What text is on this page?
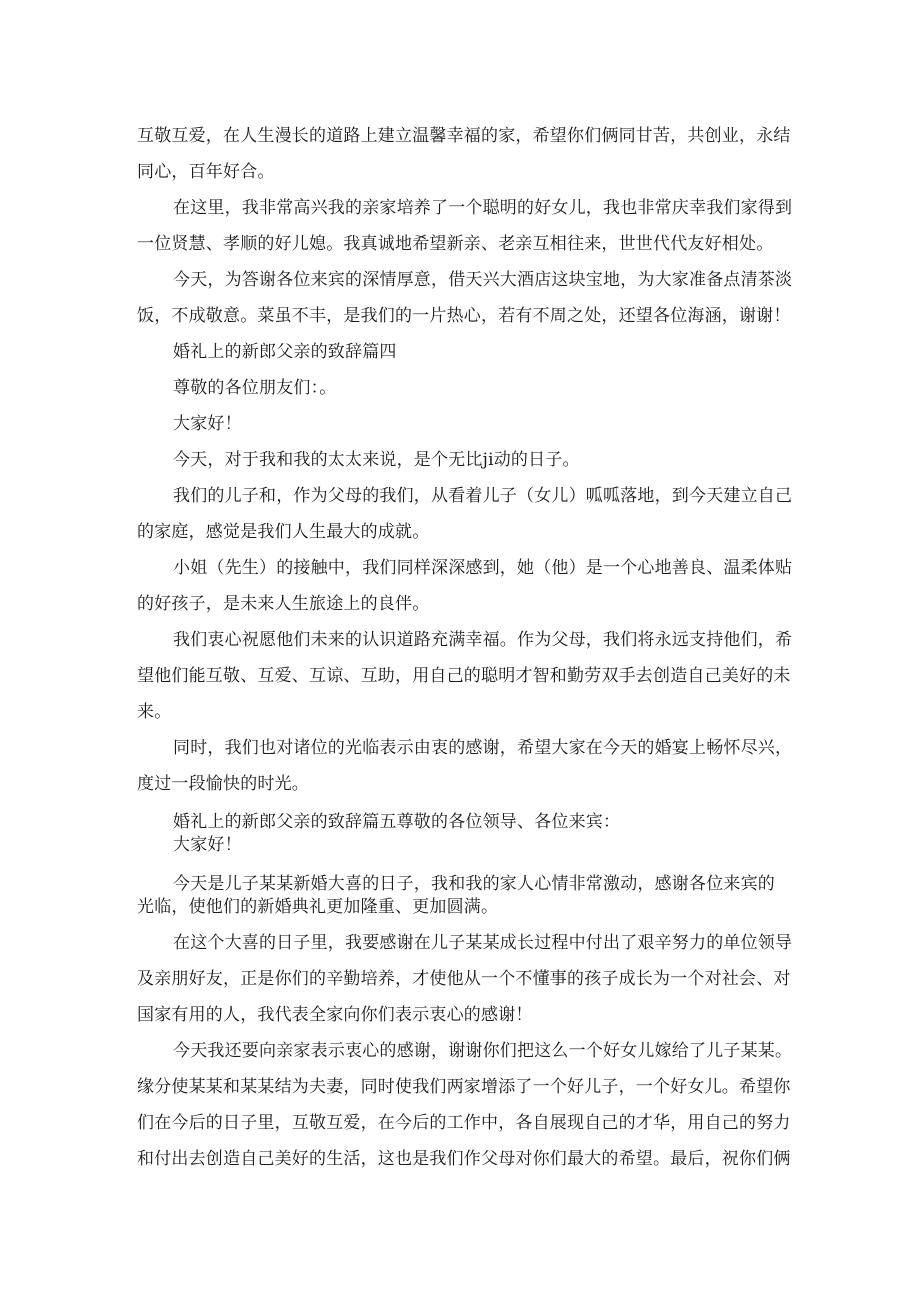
互敬互爱，在人生漫长的道路上建立温馨幸福的家，希望你们俩同甘苦，共创业，永结

同心，百年好合。

在这里，我非常高兴我的亲家培养了一个聪明的好女儿，我也非常庆幸我们家得到

一位贤慧、孝顺的好儿媳。我真诚地希望新亲、老亲互相往来，世世代代友好相处。

今天，为答谢各位来宾的深情厚意，借天兴大酒店这块宝地，为大家准备点清茶淡

饭，不成敬意。菜虽不丰，是我们的一片热心，若有不周之处，还望各位海涵，谢谢！

婚礼上的新郎父亲的致辞篇四

尊敬的各位朋友们：。

大家好！

今天，对于我和我的太太来说，是个无比ji动的日子。

我们的儿子和，作为父母的我们，从看着儿子（女儿）呱呱落地，到今天建立自己

的家庭，感觉是我们人生最大的成就。

小姐（先生）的接触中，我们同样深深感到，她（他）是一个心地善良、温柔体贴

的好孩子，是未来人生旅途上的良伴。

我们衷心祝愿他们未来的认识道路充满幸福。作为父母，我们将永远支持他们，希

望他们能互敬、互爱、互谅、互助，用自己的聪明才智和勤劳双手去创造自己美好的未

来。

同时，我们也对诸位的光临表示由衷的感谢，希望大家在今天的婚宴上畅怀尽兴，

度过一段愉快的时光。

婚礼上的新郎父亲的致辞篇五尊敬的各位领导、各位来宾：

大家好！

今天是儿子某某新婚大喜的日子，我和我的家人心情非常激动，感谢各位来宾的

光临，使他们的新婚典礼更加隆重、更加圆满。

在这个大喜的日子里，我要感谢在儿子某某成长过程中付出了艰辛努力的单位领导

及亲朋好友，正是你们的辛勤培养，才使他从一个不懂事的孩子成长为一个对社会、对

国家有用的人，我代表全家向你们表示衷心的感谢！

今天我还要向亲家表示衷心的感谢，谢谢你们把这么一个好女儿嫁给了儿子某某。

缘分使某某和某某结为夫妻，同时使我们两家增添了一个好儿子，一个好女儿。希望你

们在今后的日子里，互敬互爱，在今后的工作中，各自展现自己的才华，用自己的努力

和付出去创造自己美好的生活，这也是我们作父母对你们最大的希望。最后，祝你们俩
